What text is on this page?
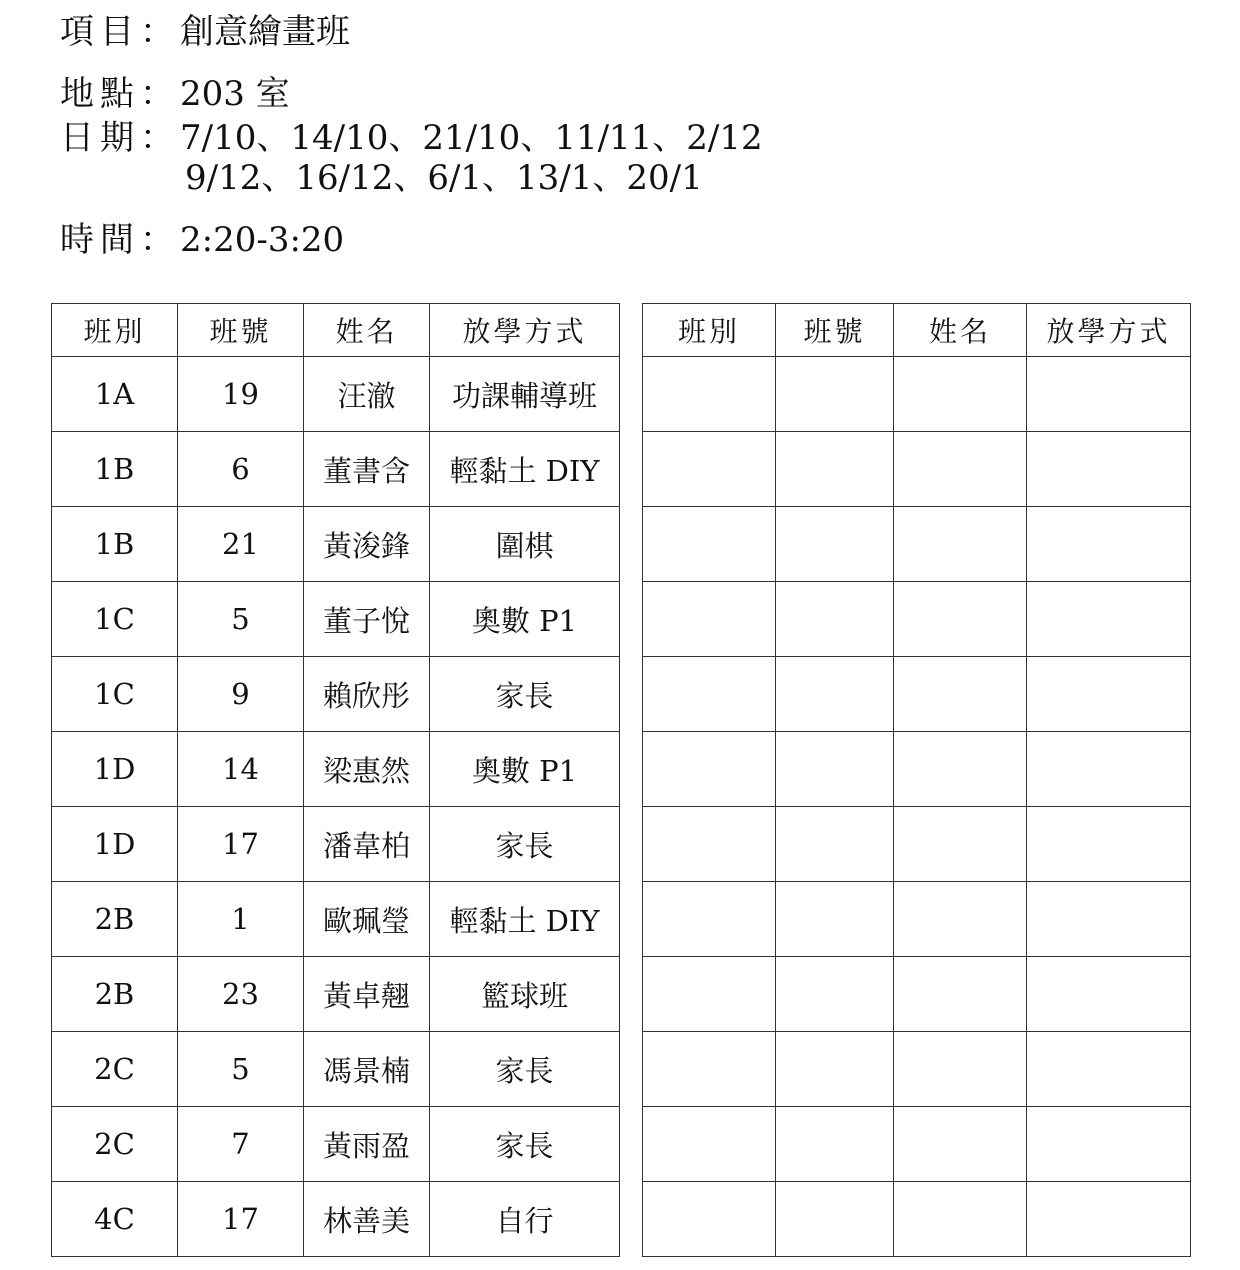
項目：創意繪畫班
地點：203 室
日期：7/10、14/10、21/10、11/11、2/12
9/12、16/12、6/1、13/1、20/1
時間：2:20-3:20
班別	班號	姓名	放學方式
1A	19	汪澈	功課輔導班
1B	6	董書含	輕黏土 DIY
1B	21	黃浚鋒	圍棋
1C	5	董子悅	奧數 P1
1C	9	賴欣彤	家長
1D	14	梁惠然	奧數 P1
1D	17	潘韋柏	家長
2B	1	歐珮瑩	輕黏土 DIY
2B	23	黃卓翹	籃球班
2C	5	馮景楠	家長
2C	7	黃雨盈	家長
4C	17	林善美	自行
班別	班號	姓名	放學方式
